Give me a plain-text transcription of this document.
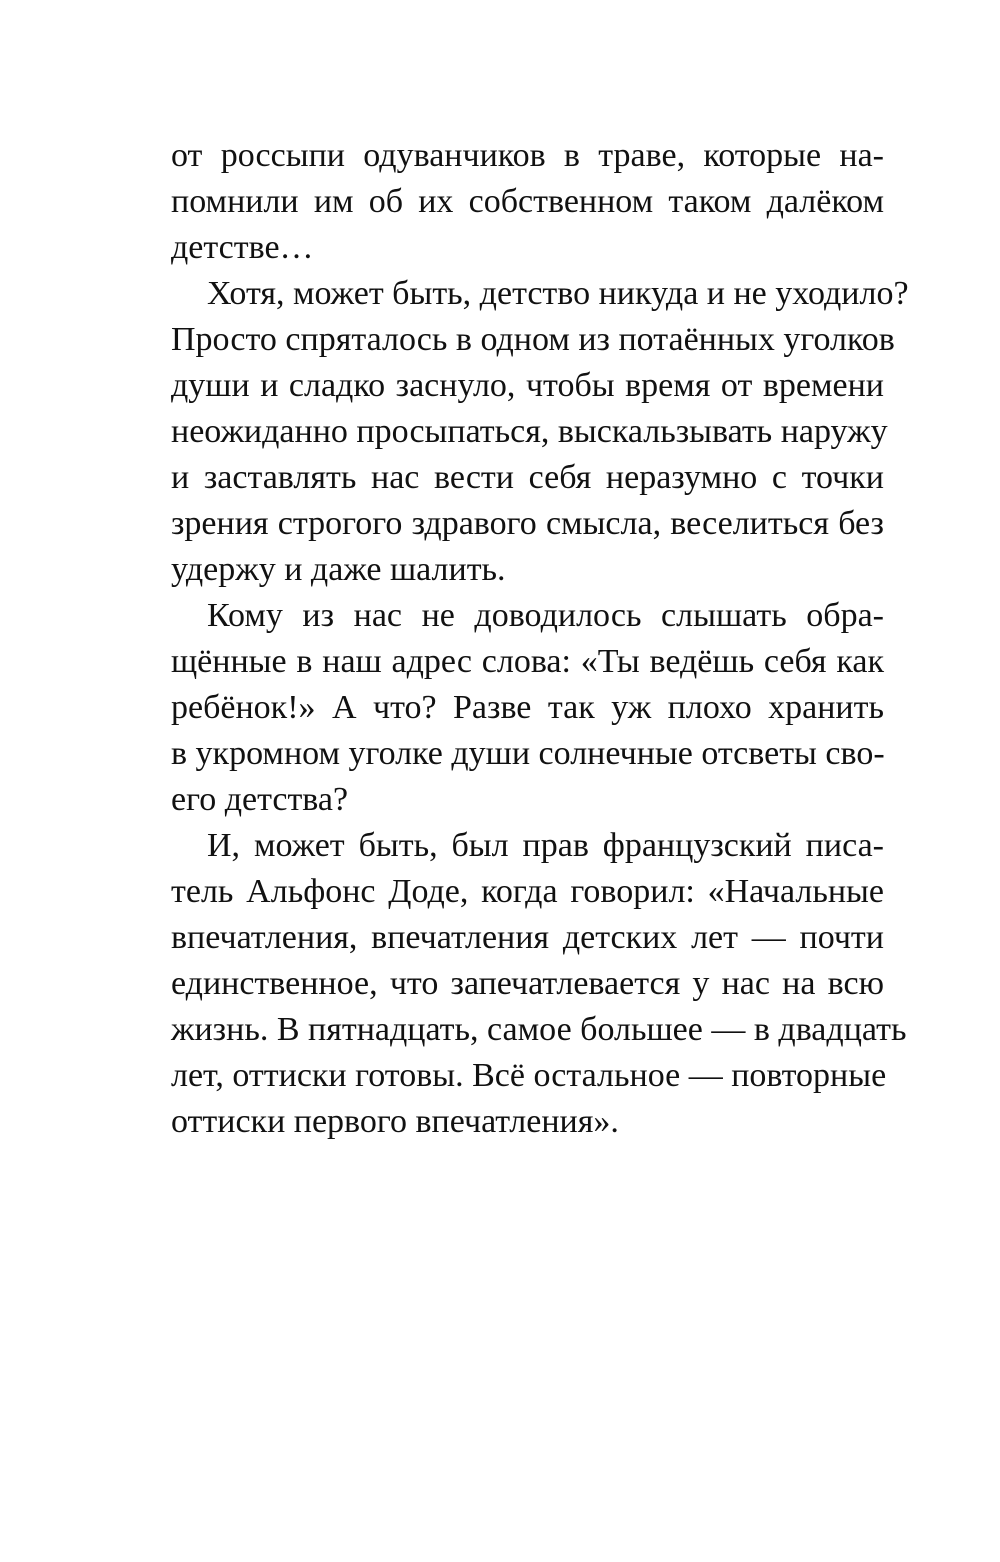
от россыпи одуванчиков в траве, которые на-
помнили им об их собственном таком далёком
детстве…
Хотя, может быть, детство никуда и не уходило?
Просто спряталось в одном из потаённых уголков
души и сладко заснуло, чтобы время от времени
неожиданно просыпаться, выскальзывать наружу
и заставлять нас вести себя неразумно с точки
зрения строгого здравого смысла, веселиться без
удержу и даже шалить.
Кому из нас не доводилось слышать обра-
щённые в наш адрес слова: «Ты ведёшь себя как
ребёнок!» А что? Разве так уж плохо хранить
в укромном уголке души солнечные отсветы сво-
его детства?
И, может быть, был прав французский писа-
тель Альфонс Доде, когда говорил: «Начальные
впечатления, впечатления детских лет — почти
единственное, что запечатлевается у нас на всю
жизнь. В пятнадцать, самое большее — в двадцать
лет, оттиски готовы. Всё остальное — повторные
оттиски первого впечатления».
